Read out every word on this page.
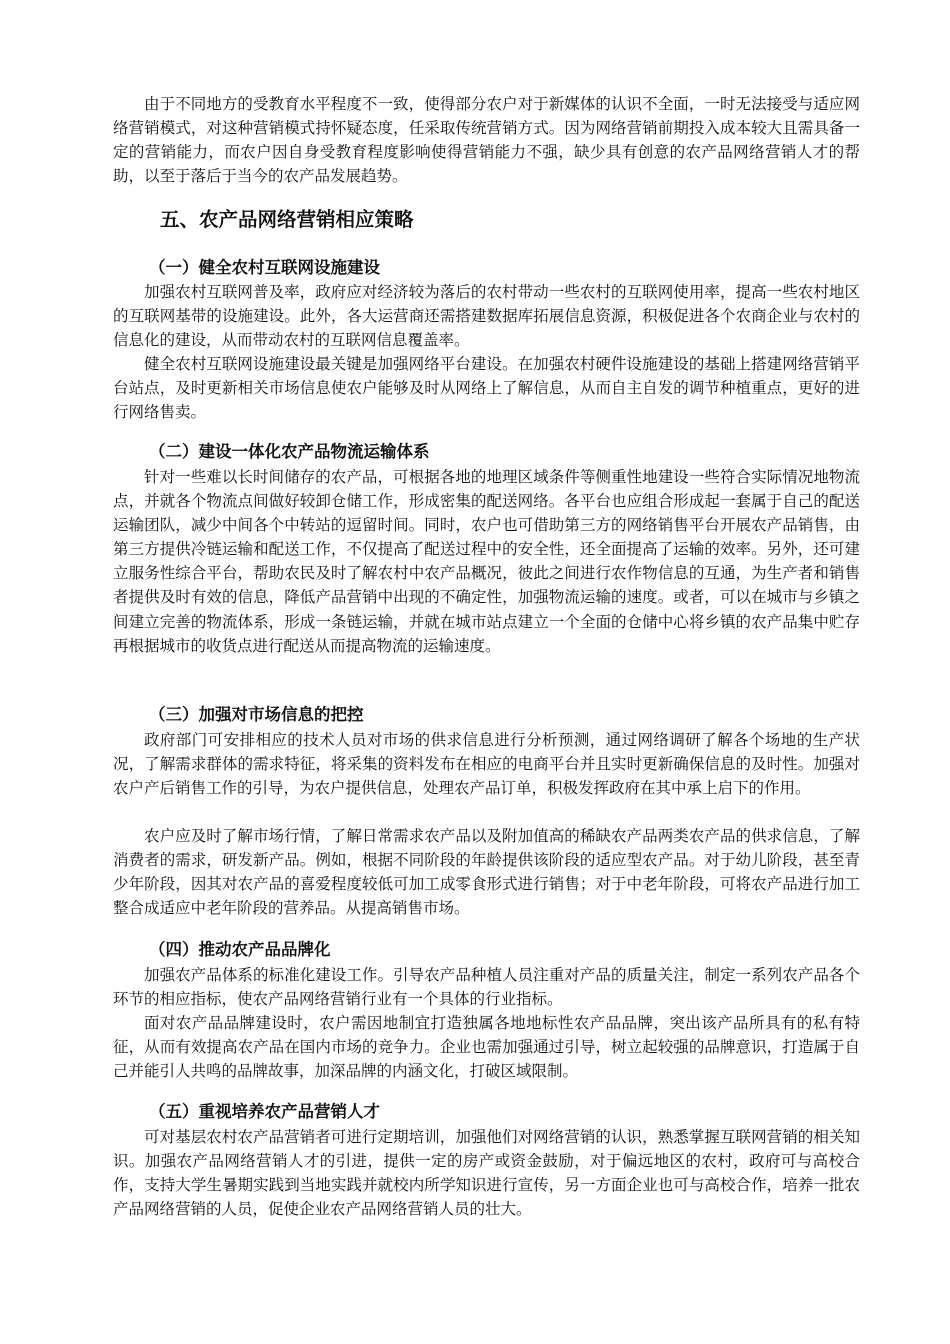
由于不同地方的受教育水平程度不一致，使得部分农户对于新媒体的认识不全面，一时无法接受与适应网络营销模式，对这种营销模式持怀疑态度，任采取传统营销方式。因为网络营销前期投入成本较大且需具备一定的营销能力，而农户因自身受教育程度影响使得营销能力不强，缺少具有创意的农产品网络营销人才的帮助，以至于落后于当今的农产品发展趋势。

五、农产品网络营销相应策略
（一）健全农村互联网设施建设

加强农村互联网普及率，政府应对经济较为落后的农村带动一些农村的互联网使用率，提高一些农村地区的互联网基带的设施建设。此外，各大运营商还需搭建数据库拓展信息资源，积极促进各个农商企业与农村的信息化的建设，从而带动农村的互联网信息覆盖率。

健全农村互联网设施建设最关键是加强网络平台建设。在加强农村硬件设施建设的基础上搭建网络营销平台站点，及时更新相关市场信息使农户能够及时从网络上了解信息，从而自主自发的调节种植重点，更好的进行网络售卖。

（二）建设一体化农产品物流运输体系

针对一些难以长时间储存的农产品，可根据各地的地理区域条件等侧重性地建设一些符合实际情况地物流点，并就各个物流点间做好较卸仓储工作，形成密集的配送网络。各平台也应组合形成起一套属于自己的配送运输团队，减少中间各个中转站的逗留时间。同时，农户也可借助第三方的网络销售平台开展农产品销售，由第三方提供冷链运输和配送工作，不仅提高了配送过程中的安全性，还全面提高了运输的效率。另外，还可建立服务性综合平台，帮助农民及时了解农村中农产品概况，彼此之间进行农作物信息的互通，为生产者和销售者提供及时有效的信息，降低产品营销中出现的不确定性，加强物流运输的速度。或者，可以在城市与乡镇之间建立完善的物流体系，形成一条链运输，并就在城市站点建立一个全面的仓储中心将乡镇的农产品集中贮存再根据城市的收货点进行配送从而提高物流的运输速度。

（三）加强对市场信息的把控

政府部门可安排相应的技术人员对市场的供求信息进行分析预测，通过网络调研了解各个场地的生产状况，了解需求群体的需求特征，将采集的资料发布在相应的电商平台并且实时更新确保信息的及时性。加强对农户产后销售工作的引导，为农户提供信息，处理农产品订单，积极发挥政府在其中承上启下的作用。

农户应及时了解市场行情，了解日常需求农产品以及附加值高的稀缺农产品两类农产品的供求信息，了解消费者的需求，研发新产品。例如，根据不同阶段的年龄提供该阶段的适应型农产品。对于幼儿阶段，甚至青少年阶段，因其对农产品的喜爱程度较低可加工成零食形式进行销售；对于中老年阶段，可将农产品进行加工整合成适应中老年阶段的营养品。从提高销售市场。

（四）推动农产品品牌化

加强农产品体系的标准化建设工作。引导农产品种植人员注重对产品的质量关注，制定一系列农产品各个环节的相应指标，使农产品网络营销行业有一个具体的行业指标。

面对农产品品牌建设时，农户需因地制宜打造独属各地地标性农产品品牌，突出该产品所具有的私有特征，从而有效提高农产品在国内市场的竞争力。企业也需加强通过引导，树立起较强的品牌意识，打造属于自己并能引人共鸣的品牌故事，加深品牌的内涵文化，打破区域限制。

（五）重视培养农产品营销人才

可对基层农村农产品营销者可进行定期培训，加强他们对网络营销的认识，熟悉掌握互联网营销的相关知识。加强农产品网络营销人才的引进，提供一定的房产或资金鼓励，对于偏远地区的农村，政府可与高校合作，支持大学生暑期实践到当地实践并就校内所学知识进行宣传，另一方面企业也可与高校合作，培养一批农产品网络营销的人员，促使企业农产品网络营销人员的壮大。
